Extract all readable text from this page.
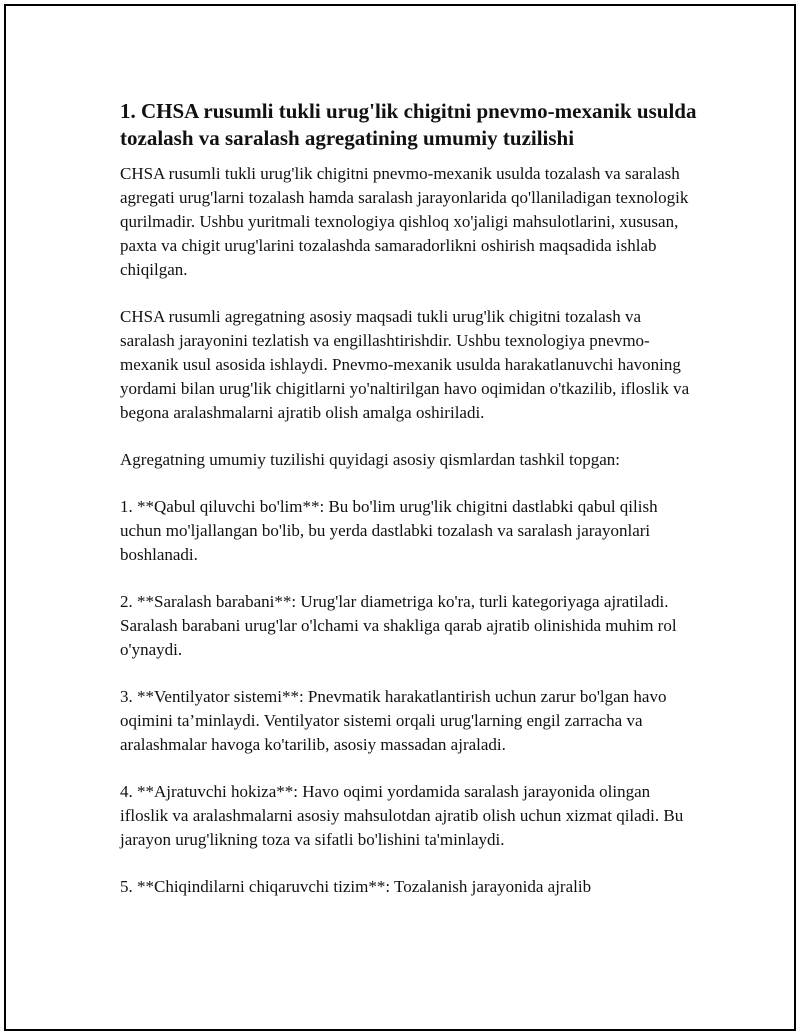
1. CHSA rusumli tukli urug'lik chigitni pnevmo-mexanik usulda tozalash va saralash agregatining umumiy tuzilishi

CHSA rusumli tukli urug'lik chigitni pnevmo-mexanik usulda tozalash va saralash agregati urug'larni tozalash hamda saralash jarayonlarida qo'llaniladigan texnologik qurilmadir. Ushbu yuritmali texnologiya qishloq xo'jaligi mahsulotlarini, xususan, paxta va chigit urug'larini tozalashda samaradorlikni oshirish maqsadida ishlab chiqilgan.

CHSA rusumli agregatning asosiy maqsadi tukli urug'lik chigitni tozalash va saralash jarayonini tezlatish va engillashtirishdir. Ushbu texnologiya pnevmo-mexanik usul asosida ishlaydi. Pnevmo-mexanik usulda harakatlanuvchi havoning yordami bilan urug'lik chigitlarni yo'naltirilgan havo oqimidan o'tkazilib, ifloslik va begona aralashmalarni ajratib olish amalga oshiriladi.

Agregatning umumiy tuzilishi quyidagi asosiy qismlardan tashkil topgan:

1. **Qabul qiluvchi bo'lim**: Bu bo'lim urug'lik chigitni dastlabki qabul qilish uchun mo'ljallangan bo'lib, bu yerda dastlabki tozalash va saralash jarayonlari boshlanadi.

2. **Saralash barabani**: Urug'lar diametriga ko'ra, turli kategoriyaga ajratiladi. Saralash barabani urug'lar o'lchami va shakliga qarab ajratib olinishida muhim rol o'ynaydi.

3. **Ventilyator sistemi**: Pnevmatik harakatlantirish uchun zarur bo'lgan havo oqimini ta’minlaydi. Ventilyator sistemi orqali urug'larning engil zarracha va aralashmalar havoga ko'tarilib, asosiy massadan ajraladi.

4. **Ajratuvchi hokiza**: Havo oqimi yordamida saralash jarayonida olingan ifloslik va aralashmalarni asosiy mahsulotdan ajratib olish uchun xizmat qiladi. Bu jarayon urug'likning toza va sifatli bo'lishini ta'minlaydi.

5. **Chiqindilarni chiqaruvchi tizim**: Tozalanish jarayonida ajralib
